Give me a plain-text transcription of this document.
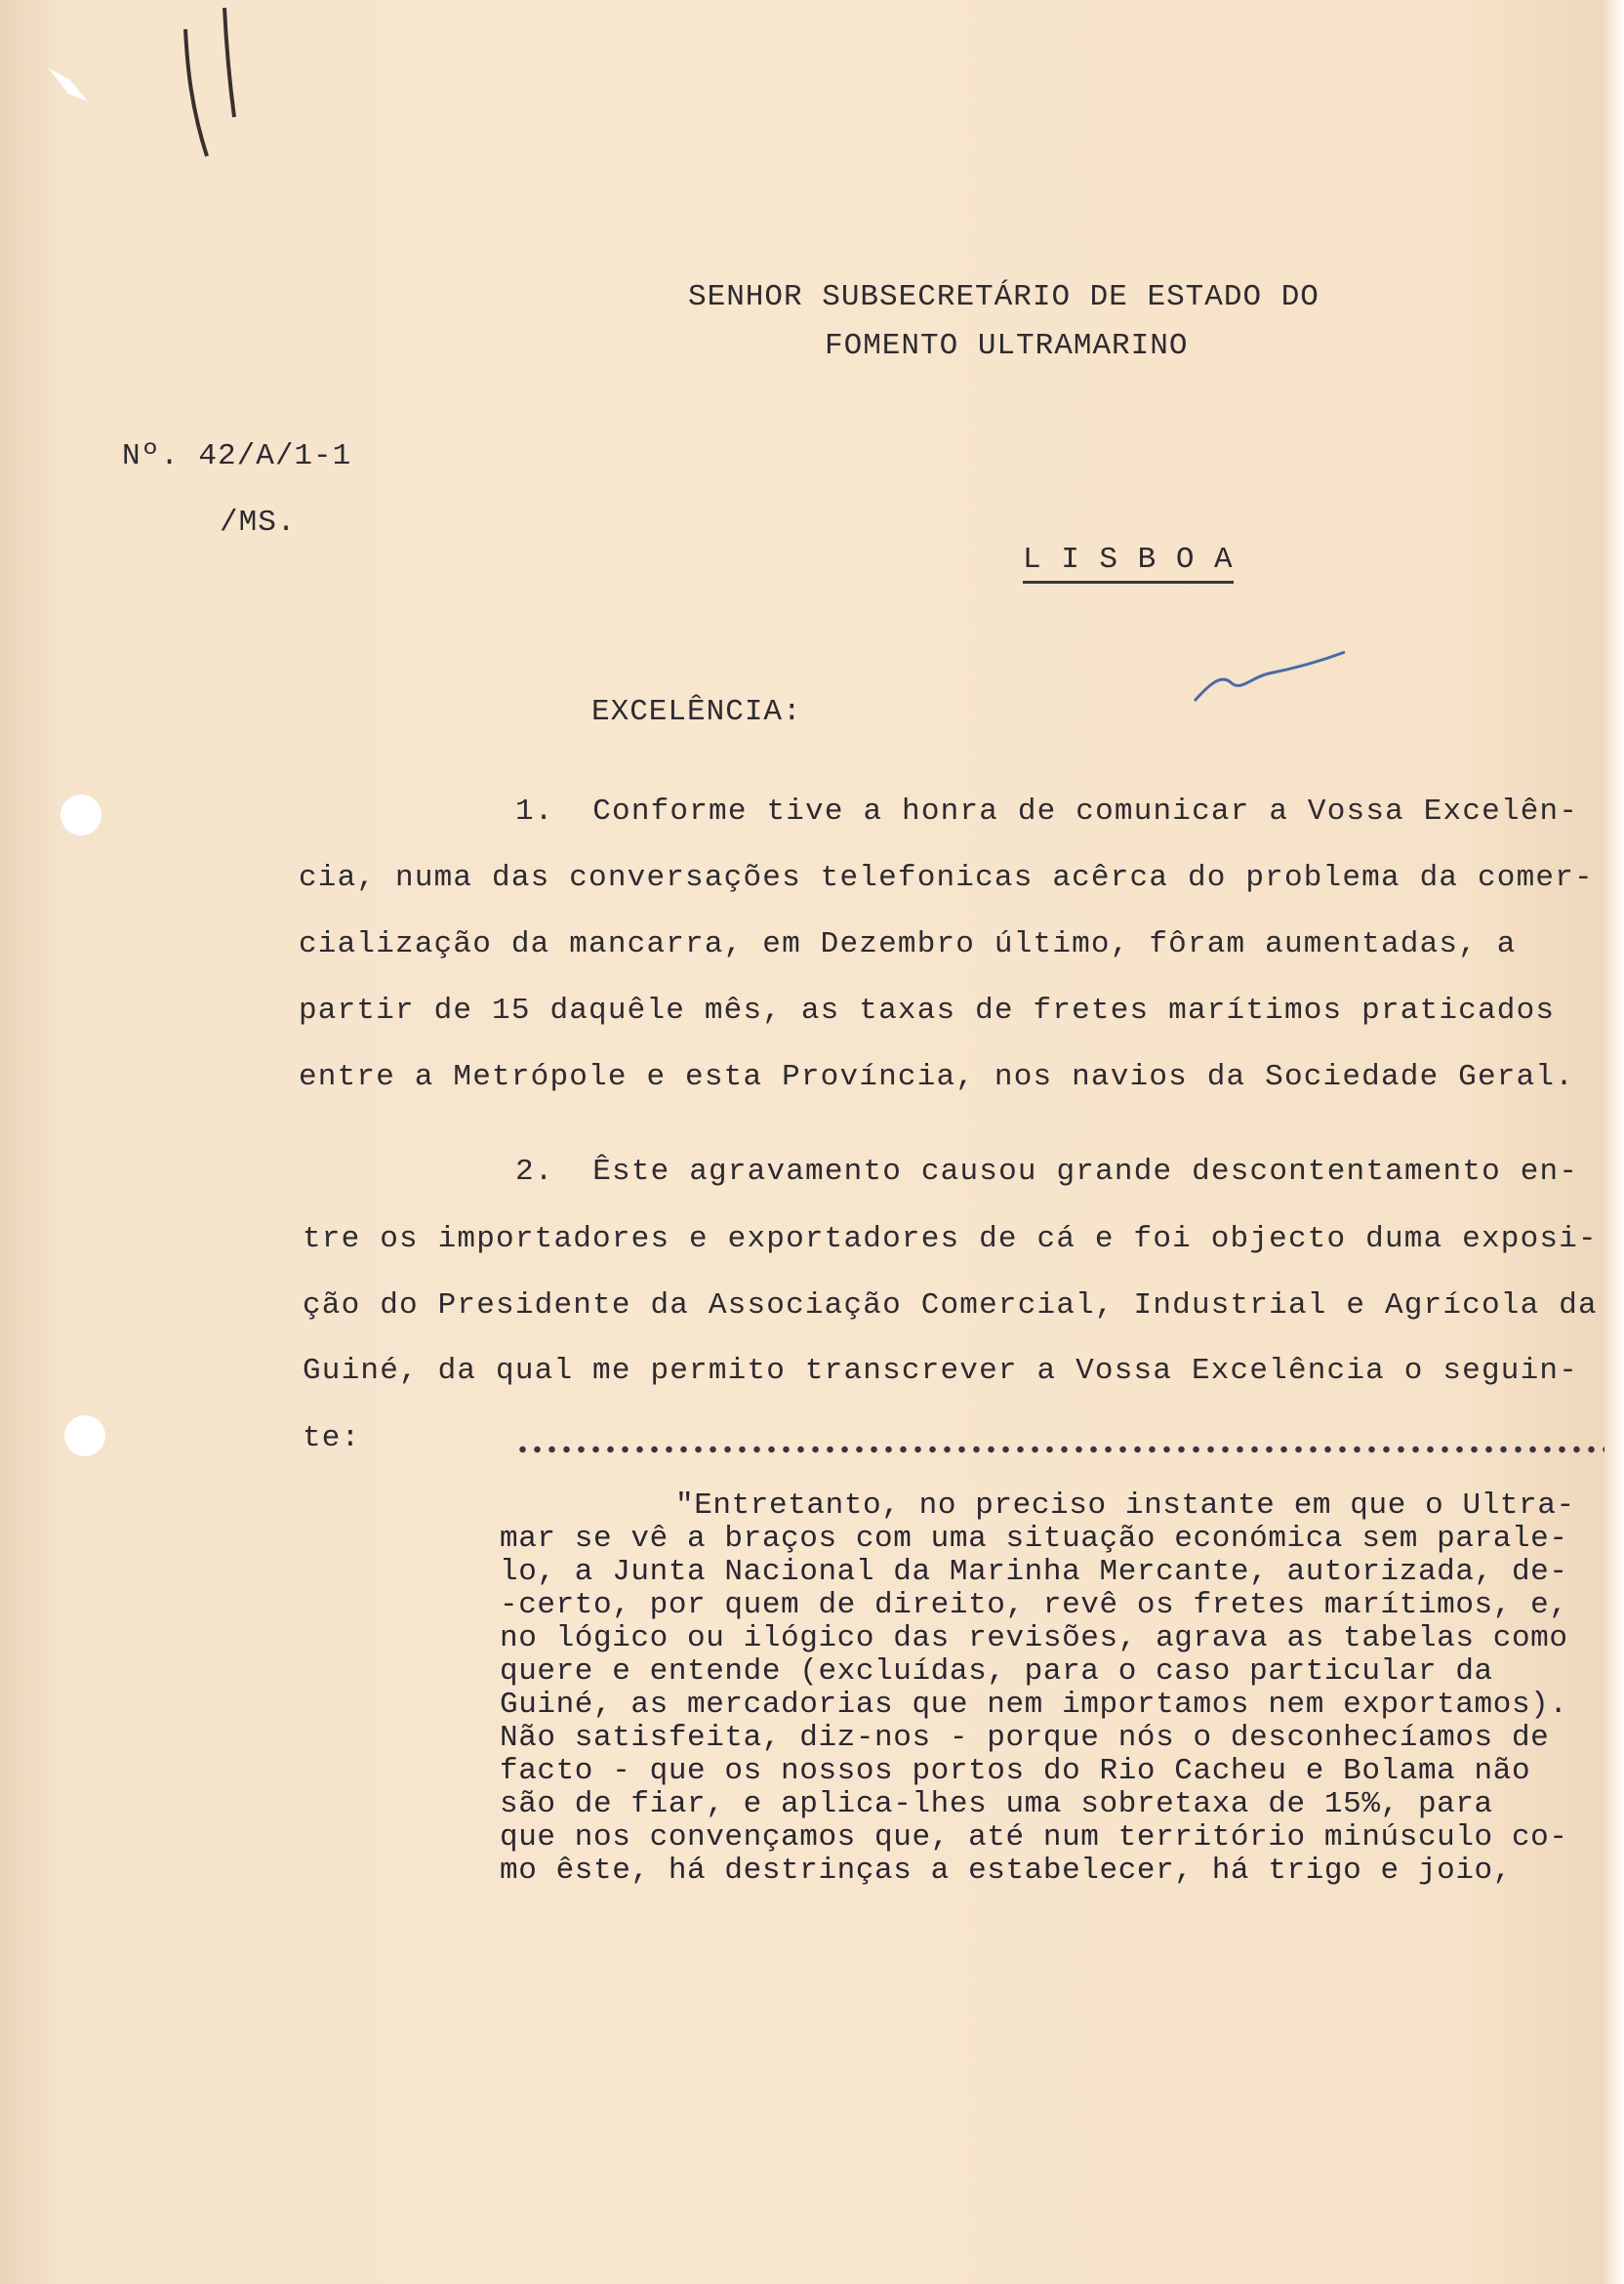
SENHOR SUBSECRETÁRIO DE ESTADO DO
FOMENTO ULTRAMARINO
Nº. 42/A/1-1
/MS.
L I S B O A
EXCELÊNCIA:
1.  Conforme tive a honra de comunicar a Vossa Excelên-
cia, numa das conversações telefonicas acêrca do problema da comer-
cialização da mancarra, em Dezembro último, fôram aumentadas, a
partir de 15 daquêle mês, as taxas de fretes marítimos praticados
entre a Metrópole e esta Província, nos navios da Sociedade Geral.
2.  Êste agravamento causou grande descontentamento en-
tre os importadores e exportadores de cá e foi objecto duma exposi-
ção do Presidente da Associação Comercial, Industrial e Agrícola da
Guiné, da qual me permito transcrever a Vossa Excelência o seguin-
te:
"Entretanto, no preciso instante em que o Ultra-
mar se vê a braços com uma situação económica sem parale-
lo, a Junta Nacional da Marinha Mercante, autorizada, de-
-certo, por quem de direito, revê os fretes marítimos, e,
no lógico ou ilógico das revisões, agrava as tabelas como
quere e entende (excluídas, para o caso particular da
Guiné, as mercadorias que nem importamos nem exportamos).
Não satisfeita, diz-nos - porque nós o desconhecíamos de
facto - que os nossos portos do Rio Cacheu e Bolama não
são de fiar, e aplica-lhes uma sobretaxa de 15%, para
que nos convençamos que, até num território minúsculo co-
mo êste, há destrinças a estabelecer, há trigo e joio,
